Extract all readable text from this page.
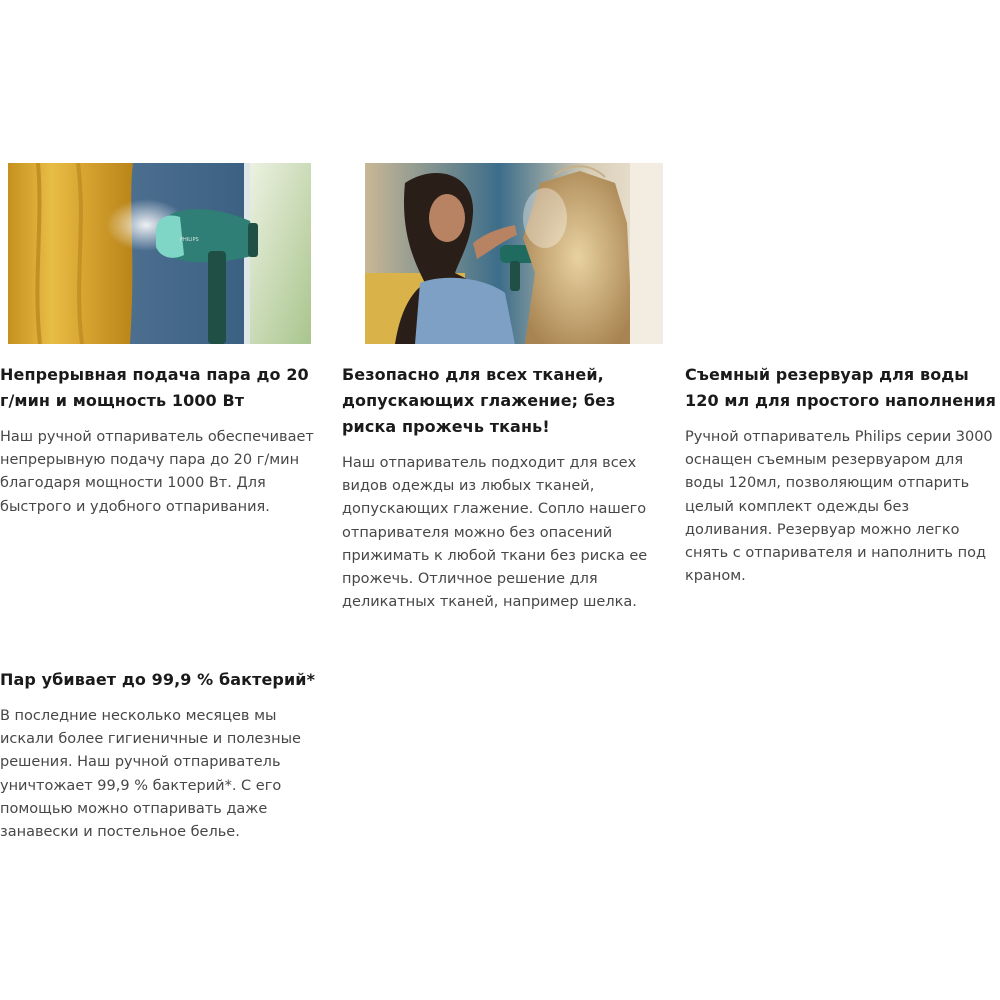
PHILIPS
Непрерывная подача пара до 20 г/мин и мощность 1000 Вт

Наш ручной отпариватель обеспечивает непрерывную подачу пара до 20 г/мин благодаря мощности 1000 Вт. Для быстрого и удобного отпаривания.

Безопасно для всех тканей, допускающих глажение; без риска прожечь ткань!

Наш отпариватель подходит для всех видов одежды из любых тканей, допускающих глажение. Сопло нашего отпаривателя можно без опасений прижимать к любой ткани без риска ее прожечь. Отличное решение для деликатных тканей, например шелка.

Съемный резервуар для воды 120 мл для простого наполнения

Ручной отпариватель Philips серии 3000 оснащен съемным резервуаром для воды 120мл, позволяющим отпарить целый комплект одежды без доливания. Резервуар можно легко снять с отпаривателя и наполнить под краном.

Пар убивает до 99,9 % бактерий*

В последние несколько месяцев мы искали более гигиеничные и полезные решения. Наш ручной отпариватель уничтожает 99,9 % бактерий*. С его помощью можно отпаривать даже занавески и постельное белье.
